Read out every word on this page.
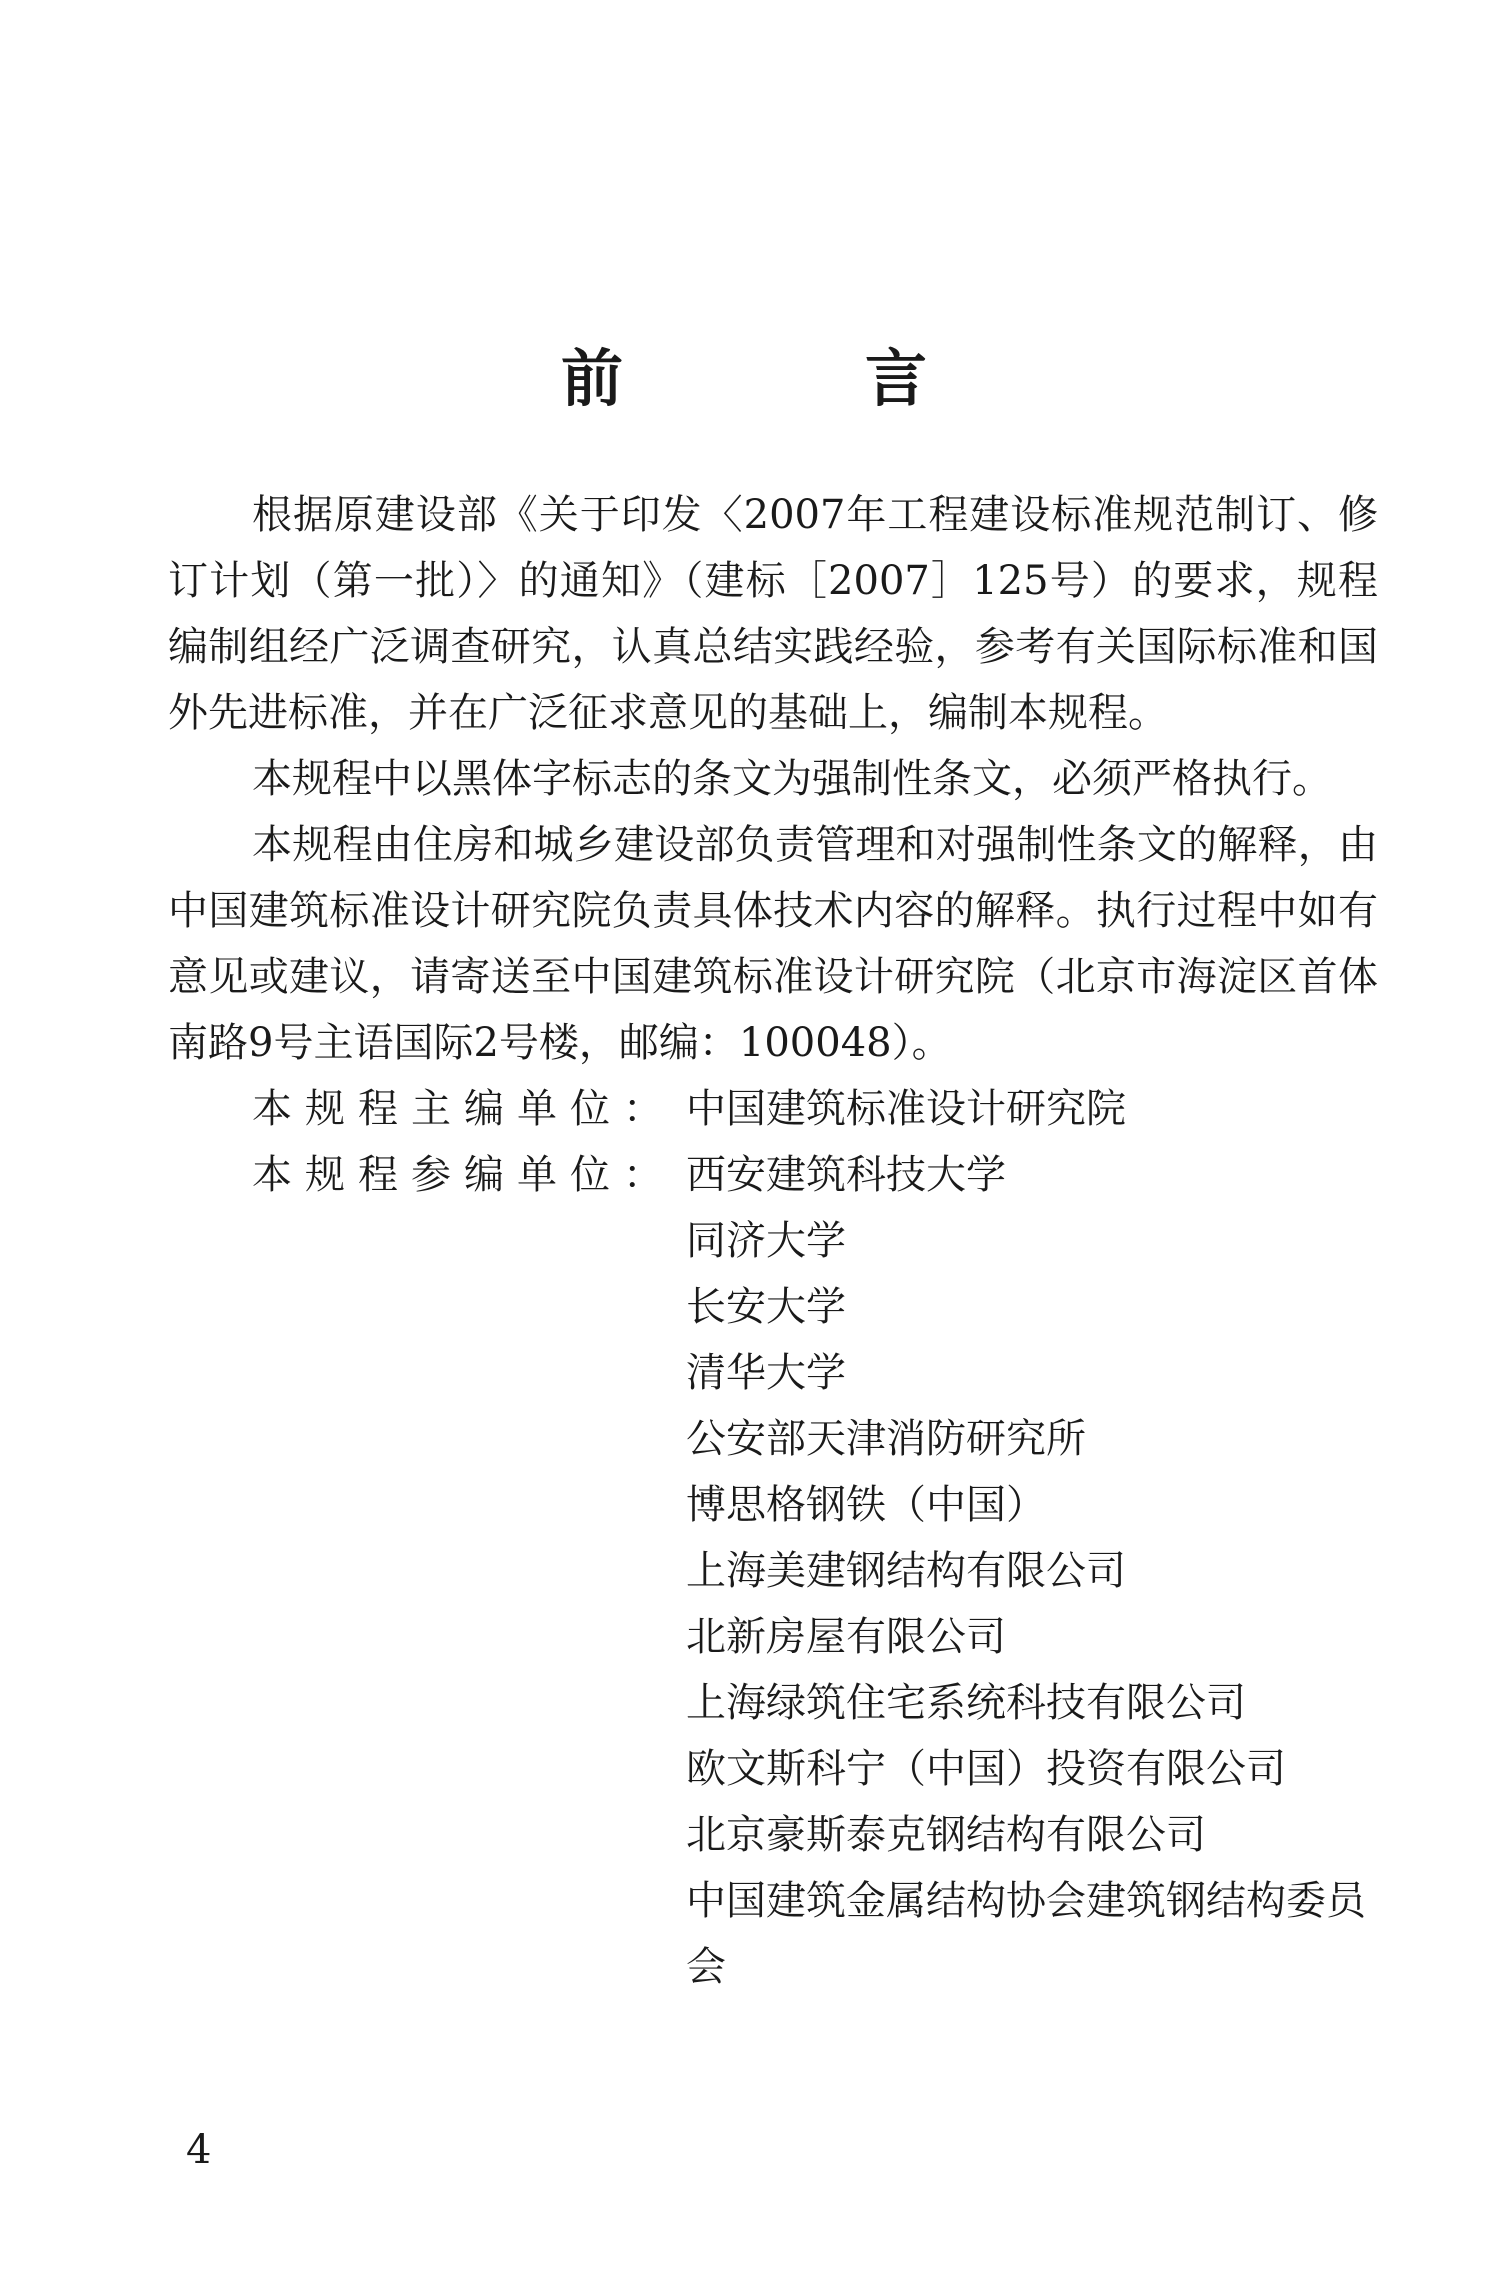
前　言

根据原建设部《关于印发〈2007年工程建设标准规范制订、修订计划（第一批）〉的通知》（建标［2007］125号）的要求，规程编制组经广泛调查研究，认真总结实践经验，参考有关国际标准和国外先进标准，并在广泛征求意见的基础上，编制本规程。

本规程中以黑体字标志的条文为强制性条文，必须严格执行。

本规程由住房和城乡建设部负责管理和对强制性条文的解释，由中国建筑标准设计研究院负责具体技术内容的解释。执行过程中如有意见或建议，请寄送至中国建筑标准设计研究院（北京市海淀区首体南路9号主语国际2号楼，邮编：100048）。

本规程主编单位： 中国建筑标准设计研究院
本规程参编单位： 西安建筑科技大学
同济大学
长安大学
清华大学
公安部天津消防研究所
博思格钢铁（中国）
上海美建钢结构有限公司
北新房屋有限公司
上海绿筑住宅系统科技有限公司
欧文斯科宁（中国）投资有限公司
北京豪斯泰克钢结构有限公司
中国建筑金属结构协会建筑钢结构委员会
4
